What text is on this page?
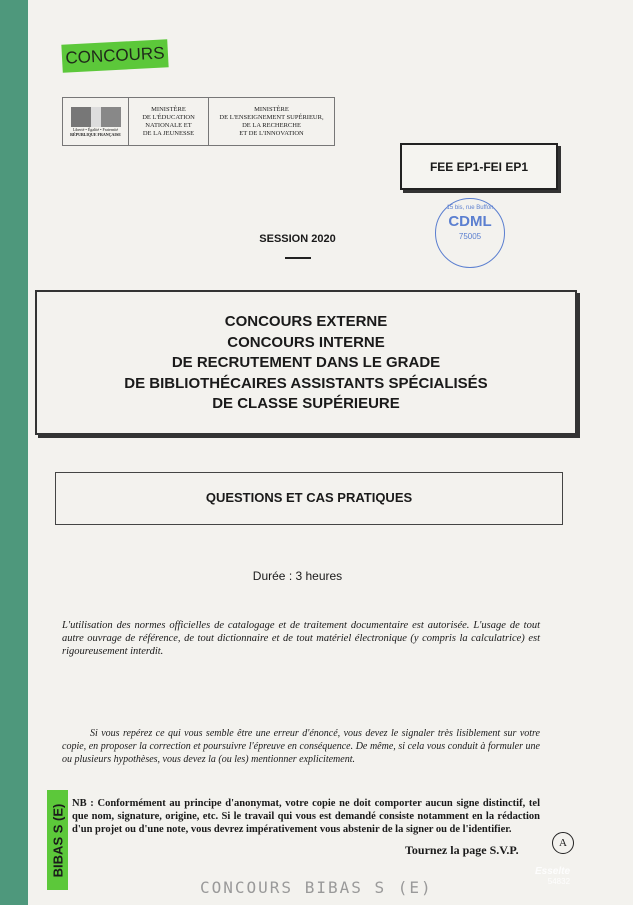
CONCOURS
Liberté • Égalité • Fraternité
RÉPUBLIQUE FRANÇAISE
MINISTÈRE
DE L'ÉDUCATION
NATIONALE ET
DE LA JEUNESSE
MINISTÈRE
DE L'ENSEIGNEMENT SUPÉRIEUR,
DE LA RECHERCHE
ET DE L'INNOVATION
FEE EP1-FEI EP1
15 bis, rue Buffon
CDML
75005
SESSION 2020
CONCOURS EXTERNE
CONCOURS INTERNE
DE RECRUTEMENT DANS LE GRADE
DE BIBLIOTHÉCAIRES ASSISTANTS SPÉCIALISÉS
DE CLASSE SUPÉRIEURE
QUESTIONS ET CAS PRATIQUES
Durée : 3 heures
L'utilisation des normes officielles de catalogage et de traitement documentaire est autorisée. L'usage de tout autre ouvrage de référence, de tout dictionnaire et de tout matériel électronique (y compris la calculatrice) est rigoureusement interdit.
Si vous repérez ce qui vous semble être une erreur d'énoncé, vous devez le signaler très lisiblement sur votre copie, en proposer la correction et poursuivre l'épreuve en conséquence. De même, si cela vous conduit à formuler une ou plusieurs hypothèses, vous devez la (ou les) mentionner explicitement.
NB : Conformément au principe d'anonymat, votre copie ne doit comporter aucun signe distinctif, tel que nom, signature, origine, etc. Si le travail qui vous est demandé consiste notamment en la rédaction d'un projet ou d'une note, vous devrez impérativement vous abstenir de la signer ou de l'identifier.
BIBAS S (E)	Tournez la page S.V.P.	A
CONCOURS BIBAS S (E)
Esselte
54832
